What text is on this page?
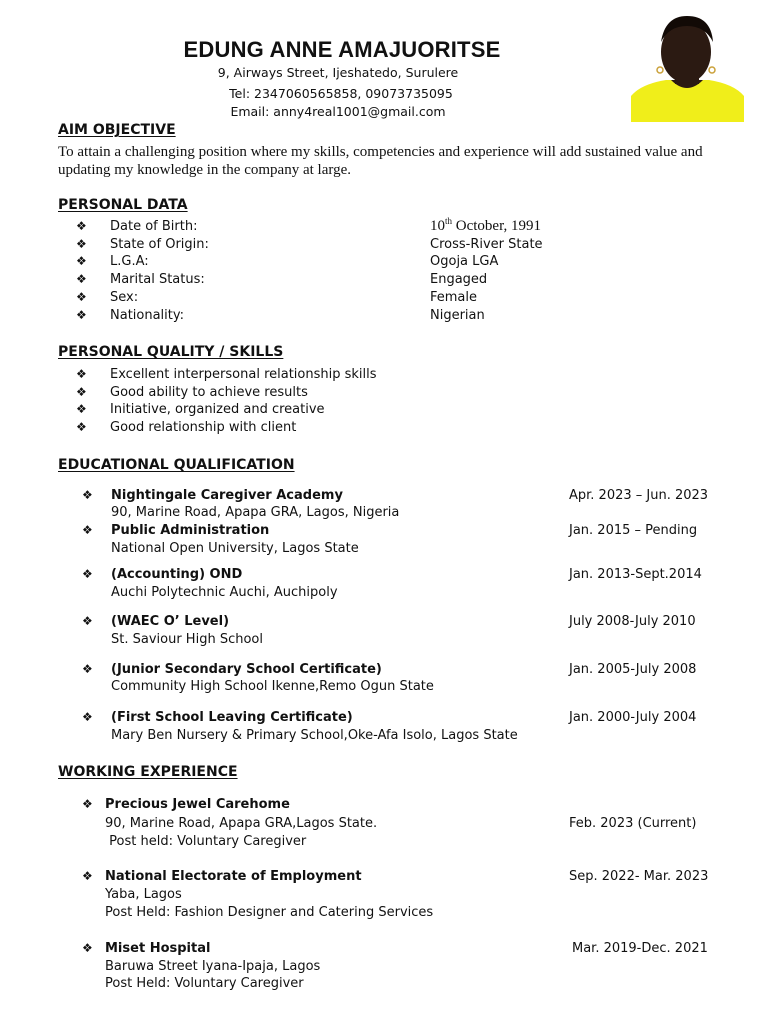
EDUNG ANNE AMAJUORITSE
9, Airways Street, Ijeshatedo, Surulere
Tel: 2347060565858, 09073735095
Email: anny4real1001@gmail.com
AIM OBJECTIVE
To attain a challenging position where my skills, competencies and experience will add sustained value and updating my knowledge in the company at large.
PERSONAL DATA
❖ Date of Birth:	10th October, 1991
❖ State of Origin:	Cross-River State
❖ L.G.A:	Ogoja LGA
❖ Marital Status:	Engaged
❖ Sex:	Female
❖ Nationality:	Nigerian
PERSONAL QUALITY / SKILLS
❖ Excellent interpersonal relationship skills
❖ Good ability to achieve results
❖ Initiative, organized and creative
❖ Good relationship with client
EDUCATIONAL QUALIFICATION
❖ Nightingale Caregiver Academy	Apr. 2023 – Jun. 2023
90, Marine Road, Apapa GRA, Lagos, Nigeria
❖ Public Administration	Jan. 2015 – Pending
National Open University, Lagos State
❖ (Accounting) OND	Jan. 2013-Sept.2014
Auchi Polytechnic Auchi, Auchipoly
❖ (WAEC O’ Level)	July 2008-July 2010
St. Saviour High School
❖ (Junior Secondary School Certificate)	Jan. 2005-July 2008
Community High School Ikenne,Remo Ogun State
❖ (First School Leaving Certificate)	Jan. 2000-July 2004
Mary Ben Nursery & Primary School,Oke-Afa Isolo, Lagos State
WORKING EXPERIENCE
❖ Precious Jewel Carehome
90, Marine Road, Apapa GRA,Lagos State.	Feb. 2023 (Current)
Post held: Voluntary Caregiver
❖ National Electorate of Employment	Sep. 2022- Mar. 2023
Yaba, Lagos
Post Held: Fashion Designer and Catering Services
❖ Miset Hospital	Mar. 2019-Dec. 2021
Baruwa Street Iyana-Ipaja, Lagos
Post Held: Voluntary Caregiver
